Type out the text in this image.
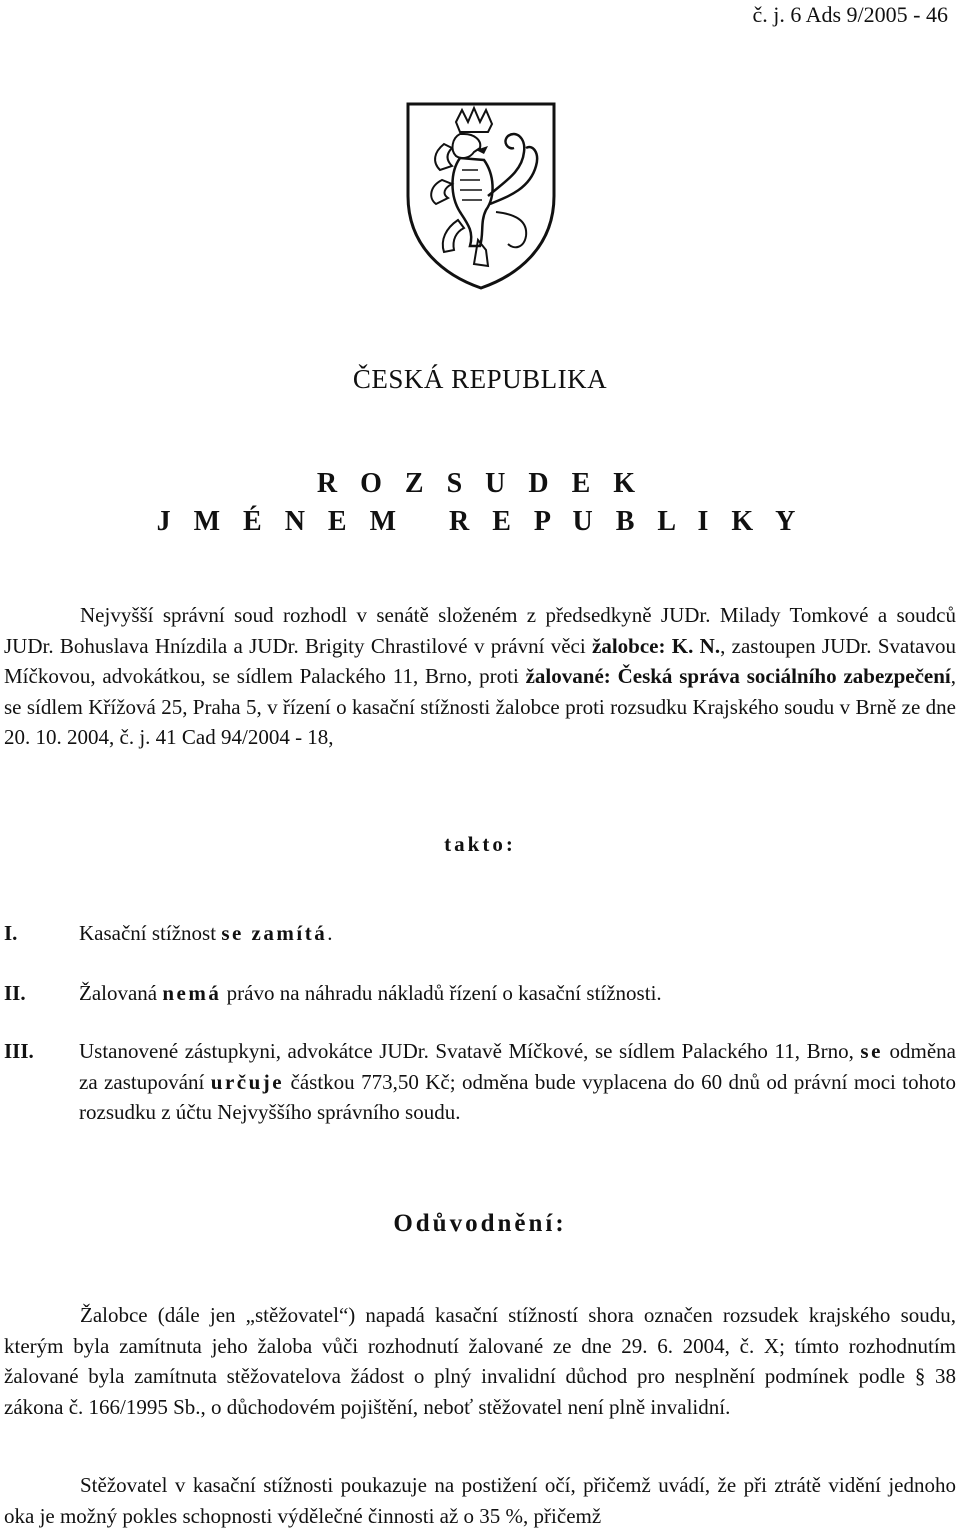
č. j. 6 Ads 9/2005 - 46
ČESKÁ REPUBLIKA
R O Z S U D E K
J M É N E M   R E P U B L I K Y
Nejvyšší správní soud rozhodl v senátě složeném z předsedkyně JUDr. Milady Tomkové a soudců JUDr. Bohuslava Hnízdila a JUDr. Brigity Chrastilové v právní věci žalobce: K. N., zastoupen JUDr. Svatavou Míčkovou, advokátkou, se sídlem Palackého 11, Brno, proti žalované: Česká správa sociálního zabezpečení, se sídlem Křížová 25, Praha 5, v řízení o kasační stížnosti žalobce proti rozsudku Krajského soudu v Brně ze dne 20. 10. 2004, č. j. 41 Cad 94/2004 - 18,
takto:
I.	Kasační stížnost se zamítá.
II.	Žalovaná nemá právo na náhradu nákladů řízení o kasační stížnosti.
III. Ustanovené zástupkyni, advokátce JUDr. Svatavě Míčkové, se sídlem Palackého 11, Brno, se odměna za zastupování určuje částkou 773,50 Kč; odměna bude vyplacena do 60 dnů od právní moci tohoto rozsudku z účtu Nejvyššího správního soudu.
Odůvodnění:
Žalobce (dále jen „stěžovatel“) napadá kasační stížností shora označen rozsudek krajského soudu, kterým byla zamítnuta jeho žaloba vůči rozhodnutí žalované ze dne 29. 6. 2004, č. X; tímto rozhodnutím žalované byla zamítnuta stěžovatelova žádost o plný invalidní důchod pro nesplnění podmínek podle § 38 zákona č. 166/1995 Sb., o důchodovém pojištění, neboť stěžovatel není plně invalidní.
Stěžovatel v kasační stížnosti poukazuje na postižení očí, přičemž uvádí, že při ztrátě vidění jednoho oka je možný pokles schopnosti výdělečné činnosti až o 35 %, přičemž
